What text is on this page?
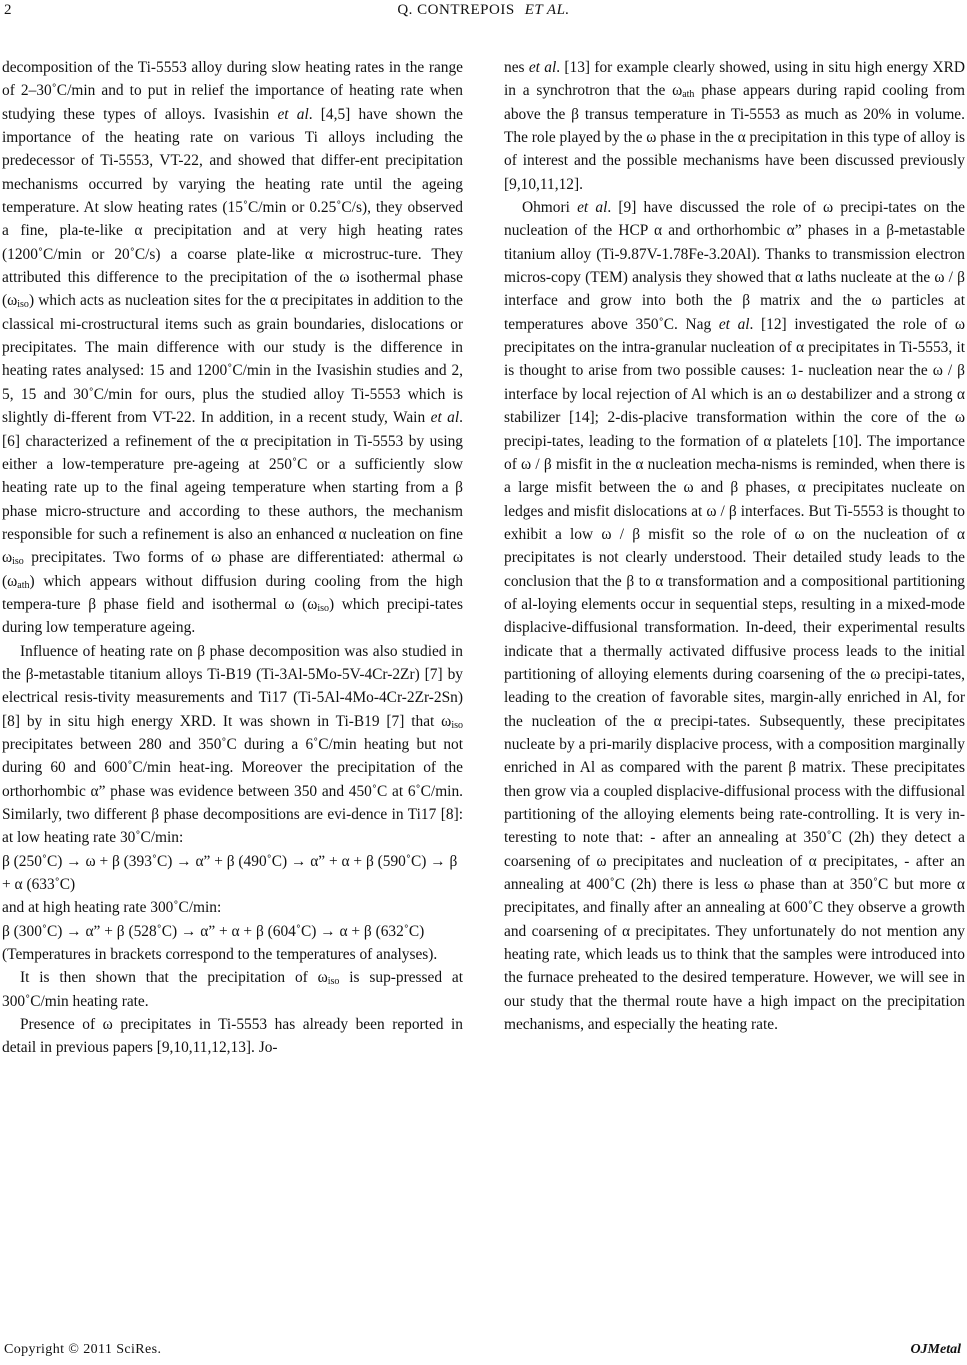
2	Q. CONTREPOIS ET AL.

decomposition of the Ti-5553 alloy during slow heating rates in the range of 2–30˚C/min and to put in relief the importance of heating rate when studying these types of alloys. Ivasishin et al. [4,5] have shown the importance of the heating rate on various Ti alloys including the predecessor of Ti-5553, VT-22, and showed that differ-ent precipitation mechanisms occurred by varying the heating rate until the ageing temperature. At slow heating rates (15˚C/min or 0.25˚C/s), they observed a fine, pla-te-like α precipitation and at very high heating rates (1200˚C/min or 20˚C/s) a coarse plate-like α microstruc-ture. They attributed this difference to the precipitation of the ω isothermal phase $(\omega_{iso})$ which acts as nucleation sites for the α precipitates in addition to the classical mi-crostructural items such as grain boundaries, dislocations or precipitates. The main difference with our study is the difference in heating rates analysed: 15 and 1200˚C/min in the Ivasishin studies and 2, 5, 15 and 30˚C/min for ours, plus the studied alloy Ti-5553 which is slightly di-fferent from VT-22. In addition, in a recent study, Wain et al. [6] characterized a refinement of the α precipitation in Ti-5553 by using either a low-temperature pre-ageing at 250˚C or a sufficiently slow heating rate up to the final ageing temperature when starting from a β phase micro-structure and according to these authors, the mechanism responsible for such a refinement is also an enhanced α nucleation on fine $\omega_{iso}$ precipitates. Two forms of ω phase are differentiated: athermal ω $(\omega_{ath})$ which appears without diffusion during cooling from the high tempera-ture β phase field and isothermal ω $(\omega_{iso})$ which precipi-tates during low temperature ageing.

Influence of heating rate on β phase decomposition was also studied in the β-metastable titanium alloys Ti-B19 (Ti-3Al-5Mo-5V-4Cr-2Zr) [7] by electrical resis-tivity measurements and Ti17 (Ti-5Al-4Mo-4Cr-2Zr-2Sn) [8] by in situ high energy XRD. It was shown in Ti-B19 [7] that $\omega_{iso}$ precipitates between 280 and 350˚C during a 6˚C/min heating but not during 60 and 600˚C/min heat-ing. Moreover the precipitation of the orthorhombic α” phase was evidence between 350 and 450˚C at 6˚C/min. Similarly, two different β phase decompositions are evi-dence in Ti17 [8]: at low heating rate 30˚C/min:

β (250˚C) → ω + β (393˚C) → α” + β (490˚C) → α” + α + β (590˚C) → β + α (633˚C)

and at high heating rate 300˚C/min:

β (300˚C) → α” + β (528˚C) → α” + α + β (604˚C) → α + β (632˚C)

(Temperatures in brackets correspond to the temperatures of analyses).

It is then shown that the precipitation of $\omega_{iso}$ is sup-pressed at 300˚C/min heating rate.

Presence of ω precipitates in Ti-5553 has already been reported in detail in previous papers [9,10,11,12,13]. Jo-

nes et al. [13] for example clearly showed, using in situ high energy XRD in a synchrotron that the $\omega_{ath}$ phase appears during rapid cooling from above the β transus temperature in Ti-5553 as much as 20% in volume. The role played by the ω phase in the α precipitation in this type of alloy is of interest and the possible mechanisms have been discussed previously [9,10,11,12].

Ohmori et al. [9] have discussed the role of ω precipi-tates on the nucleation of the HCP α and orthorhombic α” phases in a β-metastable titanium alloy (Ti-9.87V-1.78Fe-3.20Al). Thanks to transmission electron micros-copy (TEM) analysis they showed that α laths nucleate at the ω / β interface and grow into both the β matrix and the ω particles at temperatures above 350˚C. Nag et al. [12] investigated the role of ω precipitates on the intra-granular nucleation of α precipitates in Ti-5553, it is thought to arise from two possible causes: 1- nucleation near the ω / β interface by local rejection of Al which is an ω destabilizer and a strong α stabilizer [14]; 2-dis-placive transformation within the core of the ω precipi-tates, leading to the formation of α platelets [10]. The importance of ω / β misfit in the α nucleation mecha-nisms is reminded, when there is a large misfit between the ω and β phases, α precipitates nucleate on ledges and misfit dislocations at ω / β interfaces. But Ti-5553 is thought to exhibit a low ω / β misfit so the role of ω on the nucleation of α precipitates is not clearly understood. Their detailed study leads to the conclusion that the β to α transformation and a compositional partitioning of al-loying elements occur in sequential steps, resulting in a mixed-mode displacive-diffusional transformation. In-deed, their experimental results indicate that a thermally activated diffusive process leads to the initial partitioning of alloying elements during coarsening of the ω precipi-tates, leading to the creation of favorable sites, margin-ally enriched in Al, for the nucleation of the α precipi-tates. Subsequently, these precipitates nucleate by a pri-marily displacive process, with a composition marginally enriched in Al as compared with the parent β matrix. These precipitates then grow via a coupled displacive-diffusional process with the diffusional partitioning of the alloying elements being rate-controlling. It is very in-teresting to note that: - after an annealing at 350˚C (2h) they detect a coarsening of ω precipitates and nucleation of α precipitates, - after an annealing at 400˚C (2h) there is less ω phase than at 350˚C but more α precipitates, and finally after an annealing at 600˚C they observe a growth and coarsening of α precipitates. They unfortunately do not mention any heating rate, which leads us to think that the samples were introduced into the furnace preheated to the desired temperature. However, we will see in our study that the thermal route have a high impact on the precipitation mechanisms, and especially the heating rate.

Copyright © 2011 SciRes.	OJMetal
